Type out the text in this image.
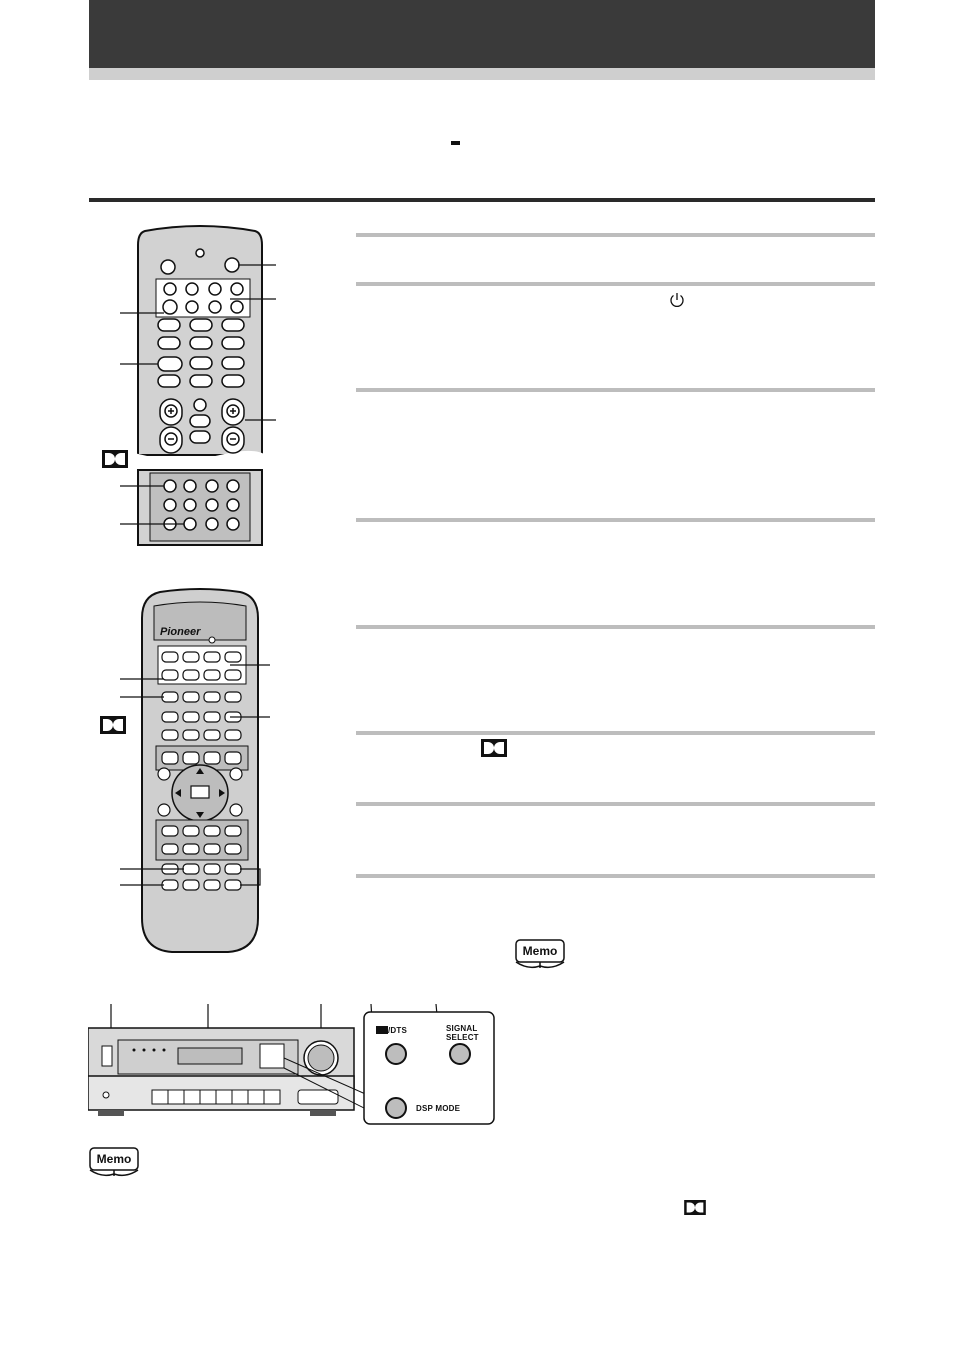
Pioneer
/DTS	SIGNAL
SELECT
DSP MODE
Memo
Memo
